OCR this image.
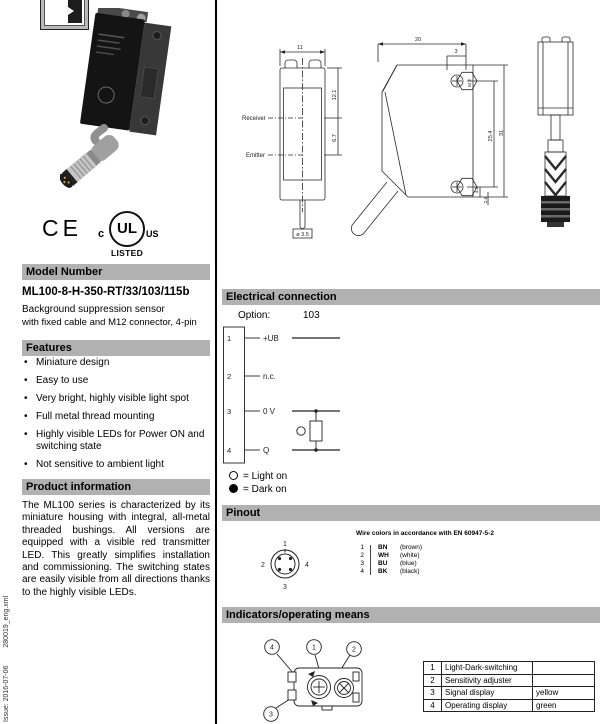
CE	UL
c	US
LISTED
Model Number
ML100-8-H-350-RT/33/103/115b
Background suppression sensor
with fixed cable and M12 connector, 4-pin
Features
• Miniature design
• Easy to use
• Very bright, highly visible light spot
• Full metal thread mounting
• Highly visible LEDs for Power ON and switching state
• Not sensitive to ambient light
Product information
The ML100 series is characterized by its miniature housing with integral, all-metal threaded bushings. All versions are equipped with a visible red transmitter LED. This greatly simplifies installation and commissioning. The switching states are easily visible from all directions thanks to the highly visible LEDs.
Issue: 2016-07-06 280019_eng.xml
11
12.1
6.7
Receiver
Emitter
ø 3.5
20
3
M 3
25.4 31
4.1
2.6
Electrical connection
Option:	103
1
2
3
4
+UB
n.c.
0 V
Q
= Light on
= Dark on
Pinout
Wire colors in accordance with EN 60947-5-2
1
2	4
3
1 BN (brown)
2 WH (white)
3 BU (blue)
4 BK (black)
Indicators/operating means
4	1	2
3
1	Light-Dark-switching	
2	Sensitivity adjuster	
3	Signal display	yellow
4	Operating display	green
